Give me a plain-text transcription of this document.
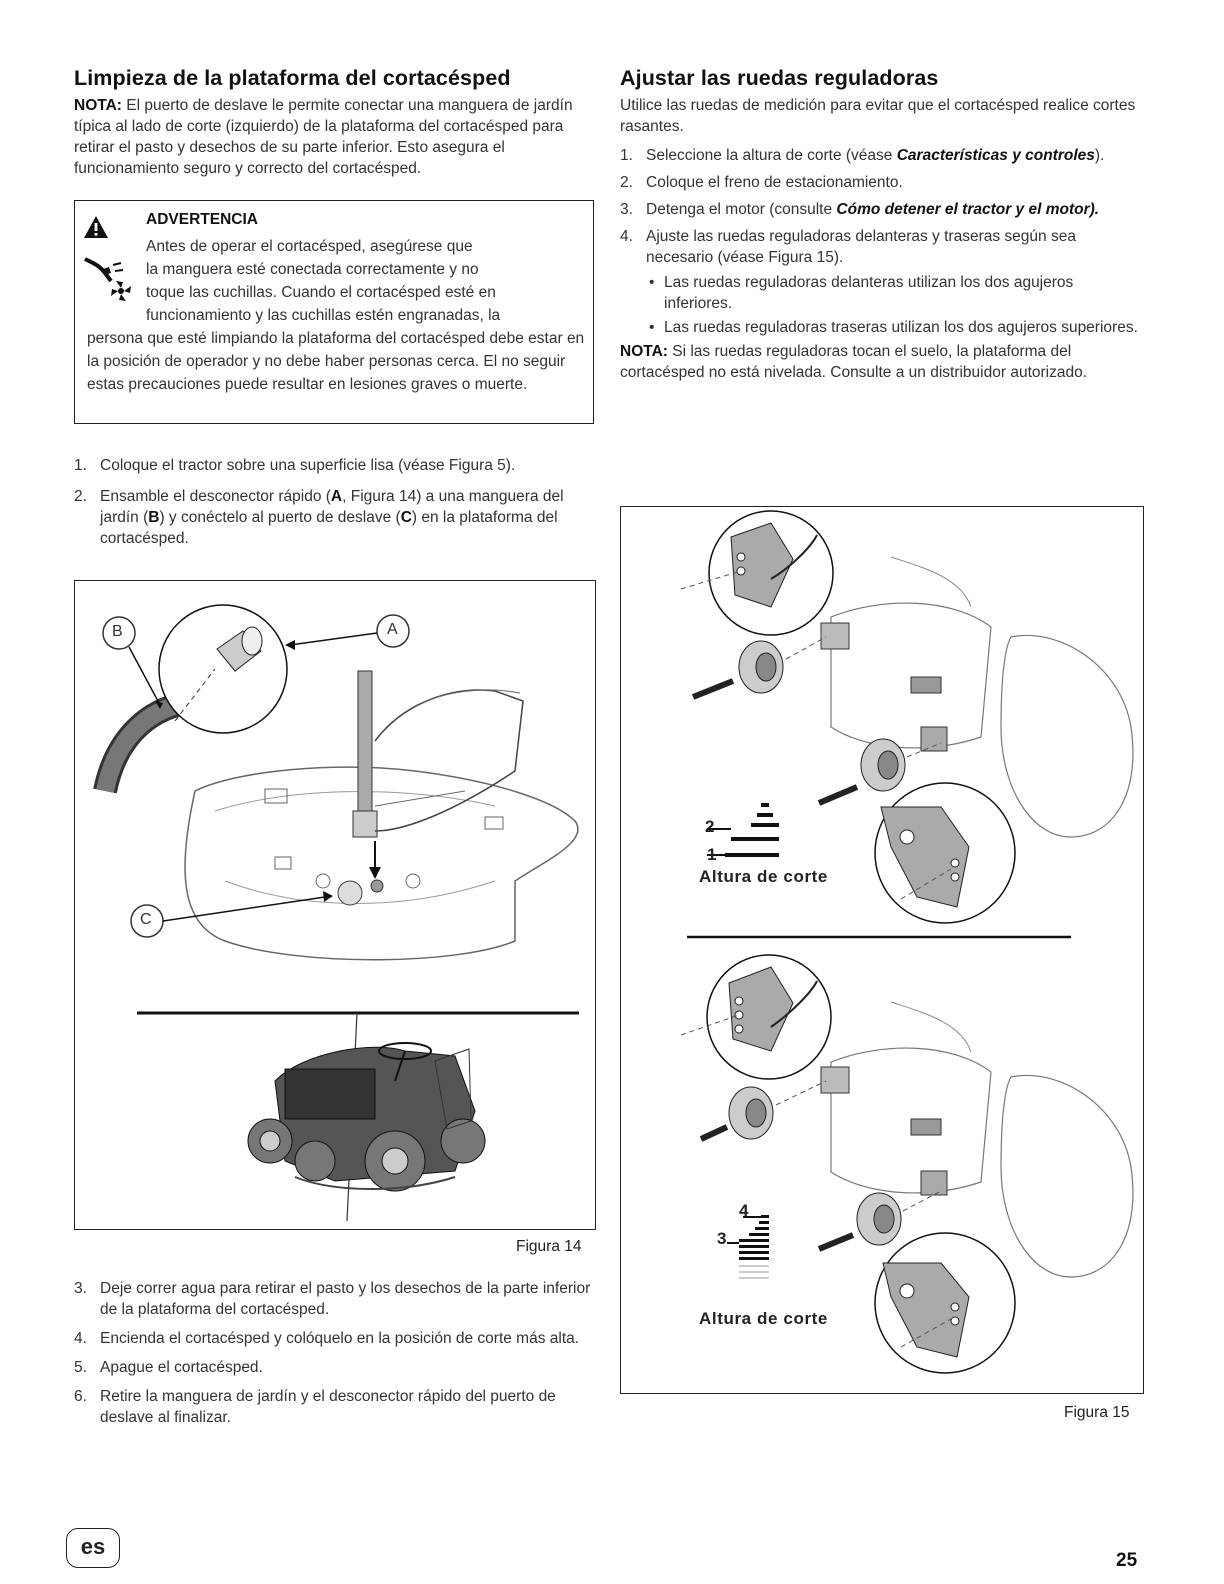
Limpieza de la plataforma del cortacésped

NOTA: El puerto de deslave le permite conectar una manguera de jardín típica al lado de corte (izquierdo) de la plataforma del cortacésped para retirar el pasto y desechos de su parte inferior. Esto asegura el funcionamiento seguro y correcto del cortacésped.

ADVERTENCIA
Antes de operar el cortacésped, asegúrese que
la manguera esté conectada correctamente y no
toque las cuchillas. Cuando el cortacésped esté en
funcionamiento y las cuchillas estén engranadas, la
persona que esté limpiando la plataforma del cortacésped debe estar en la posición de operador y no debe haber personas cerca. El no seguir estas precauciones puede resultar en lesiones graves o muerte.
1. Coloque el tractor sobre una superficie lisa (véase Figura 5).
2. Ensamble el desconector rápido (A, Figura 14) a una manguera del jardín (B) y conéctelo al puerto de deslave (C) en la plataforma del cortacésped.
B	A
C
Figura 14
3. Deje correr agua para retirar el pasto y los desechos de la parte inferior de la plataforma del cortacésped.
4. Encienda el cortacésped y colóquelo en la posición de corte más alta.
5. Apague el cortacésped.
6. Retire la manguera de jardín y el desconector rápido del puerto de deslave al finalizar.
Ajustar las ruedas reguladoras

Utilice las ruedas de medición para evitar que el cortacésped realice cortes rasantes.

1. Seleccione la altura de corte (véase Características y controles).
2. Coloque el freno de estacionamiento.
3. Detenga el motor (consulte Cómo detener el tractor y el motor).
4. Ajuste las ruedas reguladoras delanteras y traseras según sea necesario (véase Figura 15).
• Las ruedas reguladoras delanteras utilizan los dos agujeros inferiores.
• Las ruedas reguladoras traseras utilizan los dos agujeros superiores.

NOTA: Si las ruedas reguladoras tocan el suelo, la plataforma del cortacésped no está nivelada. Consulte a un distribuidor autorizado.

2
1
Altura de corte
4
3
Altura de corte
Figura 15
es
25
